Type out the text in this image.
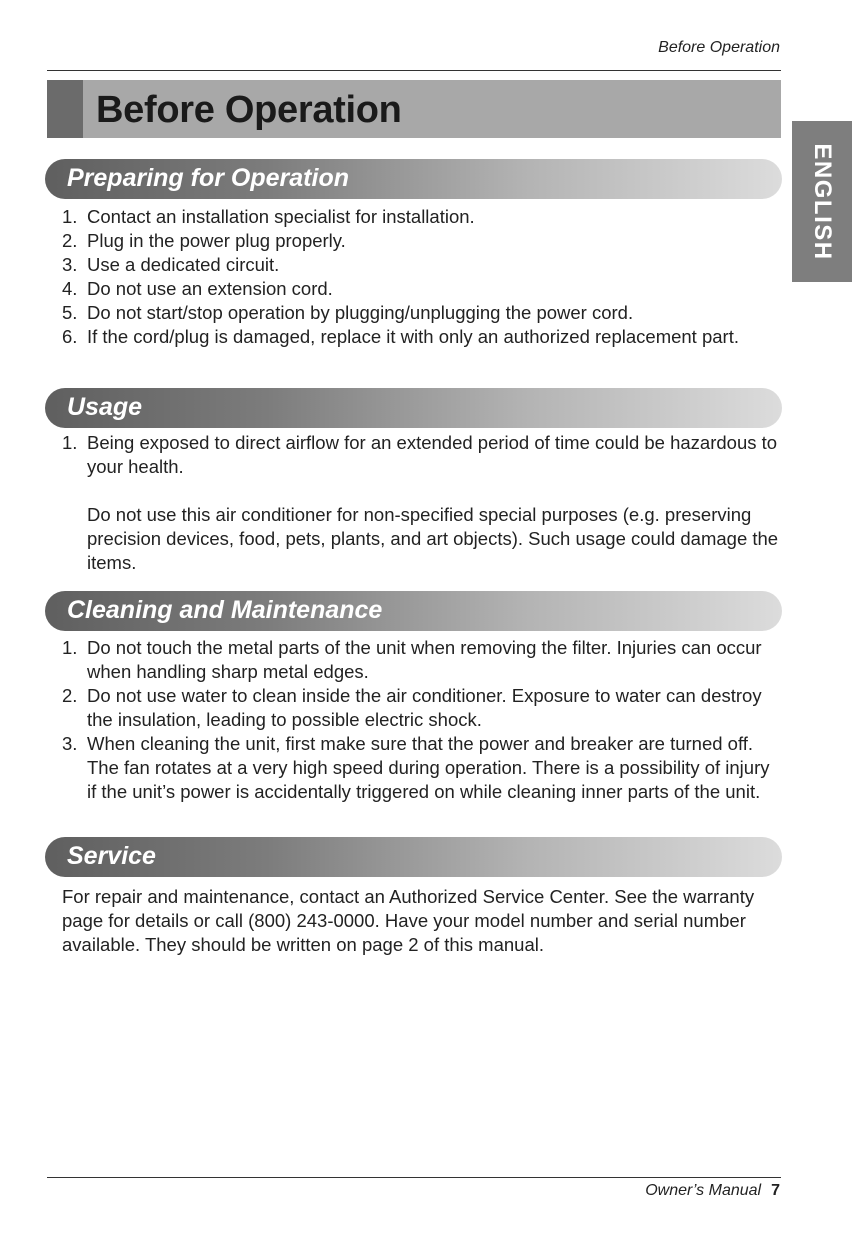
Before Operation
Before Operation
ENGLISH
Preparing for Operation
1. Contact an installation specialist for installation.
2. Plug in the power plug properly.
3. Use a dedicated circuit.
4. Do not use an extension cord.
5. Do not start/stop operation by plugging/unplugging the power cord.
6. If the cord/plug is damaged, replace it with only an authorized replacement part.
Usage
1. Being exposed to direct airflow for an extended period of time could be hazardous to your health.

Do not use this air conditioner for non-specified special purposes (e.g. preserving precision devices, food, pets, plants, and art objects). Such usage could damage the items.

Cleaning and Maintenance
1. Do not touch the metal parts of the unit when removing the filter. Injuries can occur when handling sharp metal edges.
2. Do not use water to clean inside the air conditioner. Exposure to water can destroy the insulation, leading to possible electric shock.
3. When cleaning the unit, first make sure that the power and breaker are turned off. The fan rotates at a very high speed during operation. There is a possibility of injury if the unit’s power is accidentally triggered on while cleaning inner parts of the unit.
Service

For repair and maintenance, contact an Authorized Service Center. See the warranty page for details or call (800) 243-0000. Have your model number and serial number available. They should be written on page 2 of this manual.

Owner’s Manual 7
